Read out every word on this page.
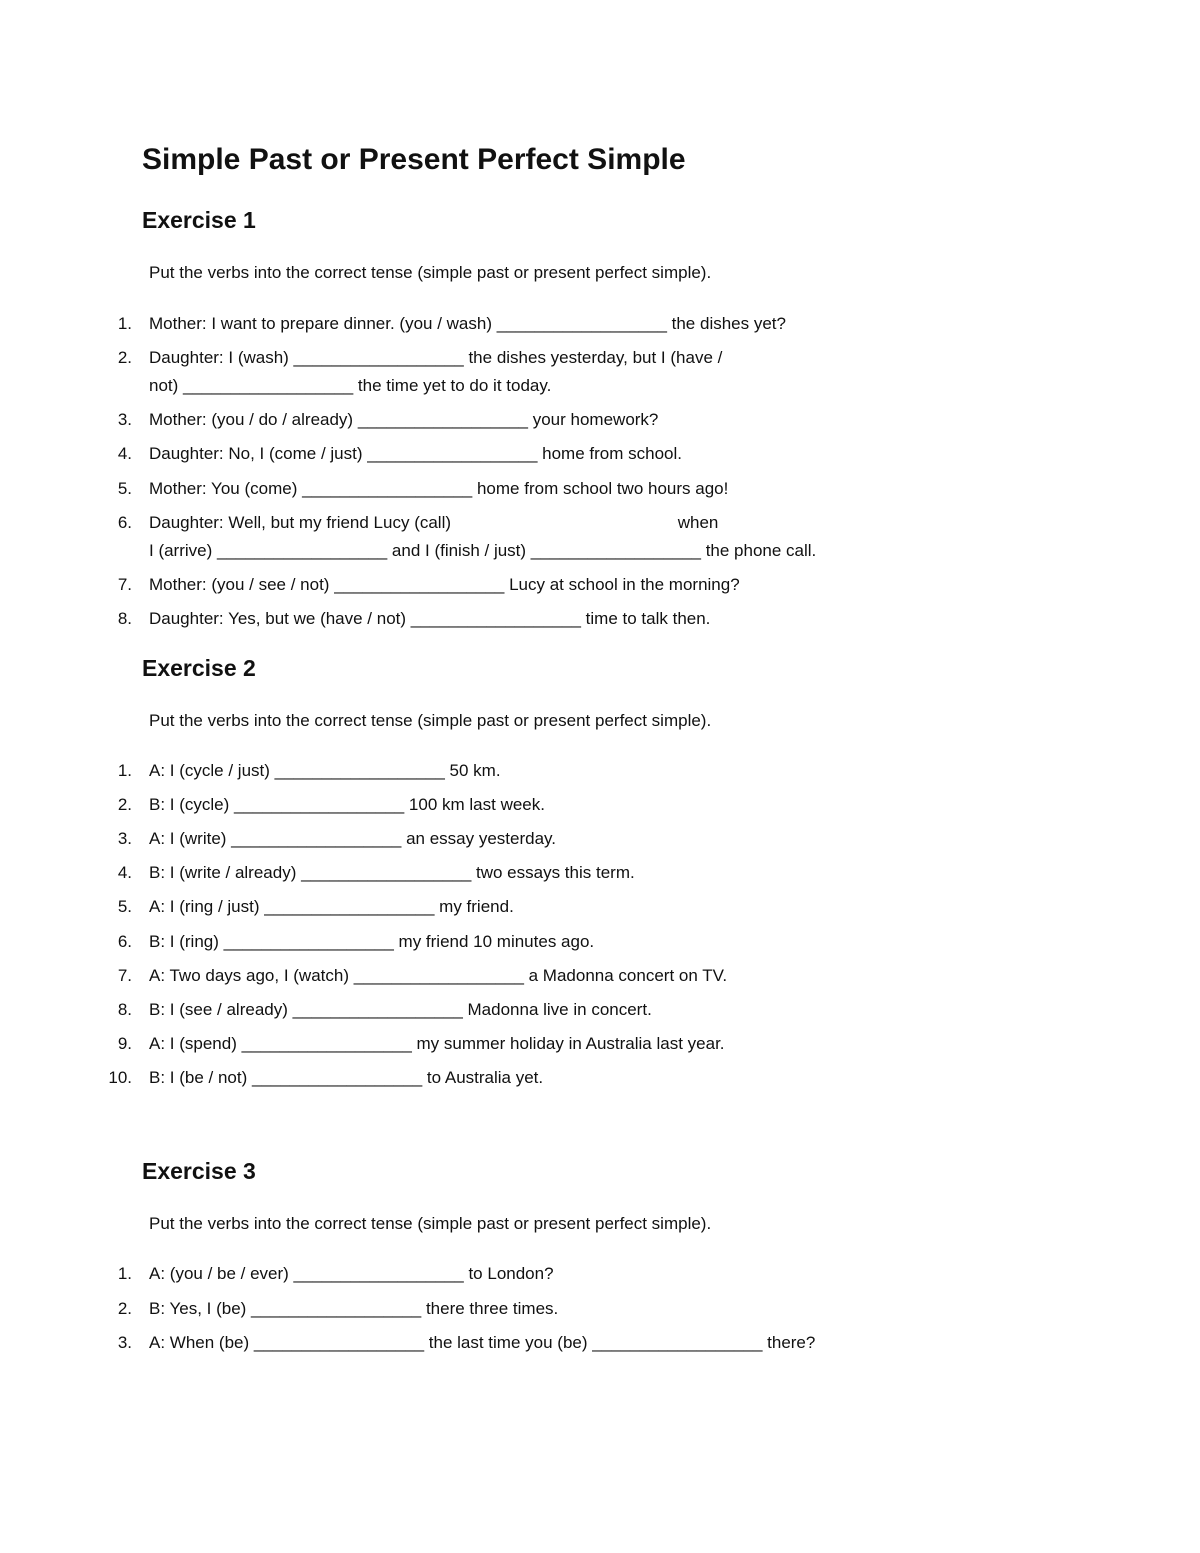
Simple Past or Present Perfect Simple
Exercise 1

Put the verbs into the correct tense (simple past or present perfect simple).

1. Mother: I want to prepare dinner. (you / wash) __________________ the dishes yet?
2. Daughter: I (wash) __________________ the dishes yesterday, but I (have /
not) __________________ the time yet to do it today.
3. Mother: (you / do / already) __________________ your homework?
4. Daughter: No, I (come / just) __________________ home from school.
5. Mother: You (come) __________________ home from school two hours ago!
6. Daughter: Well, but my friend Lucy (call)                                                when
I (arrive) __________________ and I (finish / just) __________________ the phone call.
7. Mother: (you / see / not) __________________ Lucy at school in the morning?
8. Daughter: Yes, but we (have / not) __________________ time to talk then.
Exercise 2

Put the verbs into the correct tense (simple past or present perfect simple).

1. A: I (cycle / just) __________________ 50 km.
2. B: I (cycle) __________________ 100 km last week.
3. A: I (write) __________________ an essay yesterday.
4. B: I (write / already) __________________ two essays this term.
5. A: I (ring / just) __________________ my friend.
6. B: I (ring) __________________ my friend 10 minutes ago.
7. A: Two days ago, I (watch) __________________ a Madonna concert on TV.
8. B: I (see / already) __________________ Madonna live in concert.
9. A: I (spend) __________________ my summer holiday in Australia last year.
10. B: I (be / not) __________________ to Australia yet.
Exercise 3

Put the verbs into the correct tense (simple past or present perfect simple).

1. A: (you / be / ever) __________________ to London?
2. B: Yes, I (be) __________________ there three times.
3. A: When (be) __________________ the last time you (be) __________________ there?
